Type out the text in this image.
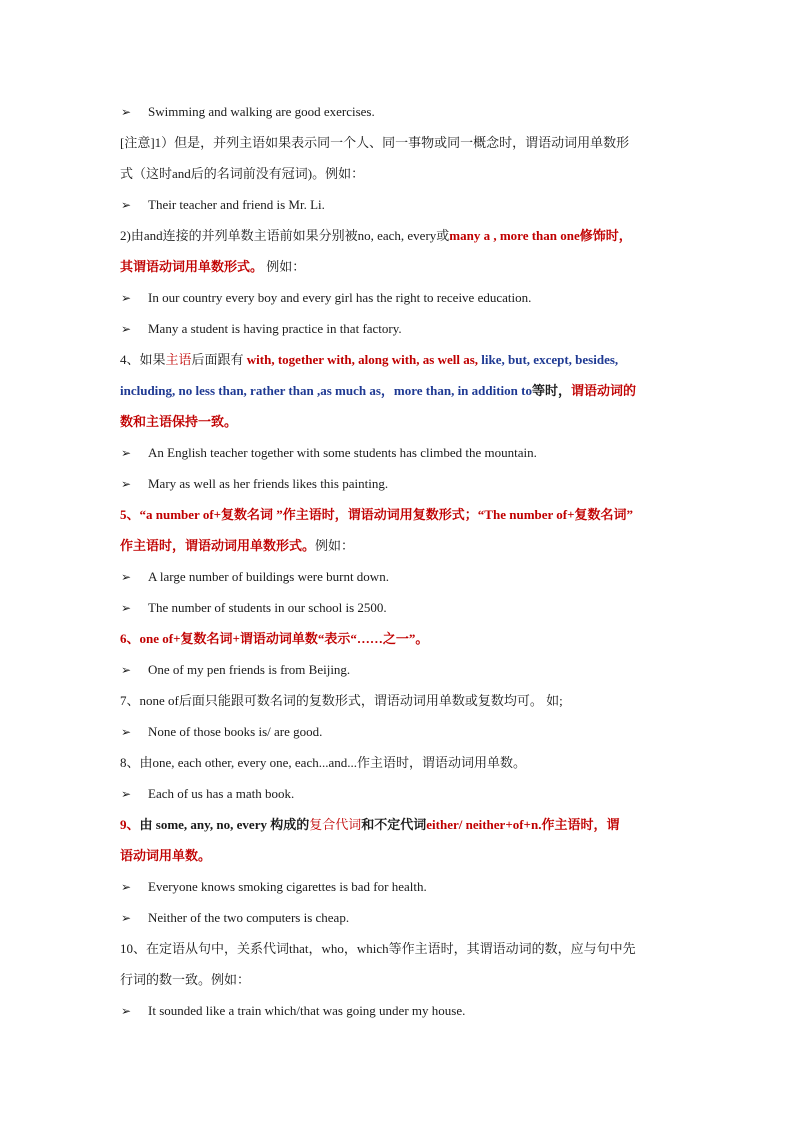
➢ Swimming and walking are good exercises.
[注意]1）但是，并列主语如果表示同一个人、同一事物或同一概念时，谓语动词用单数形
式（这时and后的名词前没有冠词)。例如：
➢ Their teacher and friend is Mr. Li.
2)由and连接的并列单数主语前如果分别被no, each, every或many a , more than one修饰时，
其谓语动词用单数形式。 例如：
➢ In our country every boy and every girl has the right to receive education.
➢ Many a student is having practice in that factory.
4、如果主语后面跟有 with, together with, along with, as well as, like, but, except, besides,
including, no less than, rather than ,as much as，more than, in addition to等时，谓语动词的
数和主语保持一致。
➢ An English teacher together with some students has climbed the mountain.
➢ Mary as well as her friends likes this painting.
5、“a number of+复数名词 ”作主语时，谓语动词用复数形式；“The number of+复数名词”
作主语时，谓语动词用单数形式。例如：
➢ A large number of buildings were burnt down.
➢ The number of students in our school is 2500.
6、one of+复数名词+谓语动词单数“表示“……之一”。
➢ One of my pen friends is from Beijing.
7、none of后面只能跟可数名词的复数形式，谓语动词用单数或复数均可。 如;
➢ None of those books is/ are good.
8、由one, each other, every one, each...and...作主语时，谓语动词用单数。
➢ Each of us has a math book.
9、由 some, any, no, every 构成的复合代词和不定代词either/ neither+of+n.作主语时，谓
语动词用单数。
➢ Everyone knows smoking cigarettes is bad for health.
➢ Neither of the two computers is cheap.
10、在定语从句中，关系代词that，who，which等作主语时，其谓语动词的数，应与句中先
行词的数一致。例如：
➢ It sounded like a train which/that was going under my house.
